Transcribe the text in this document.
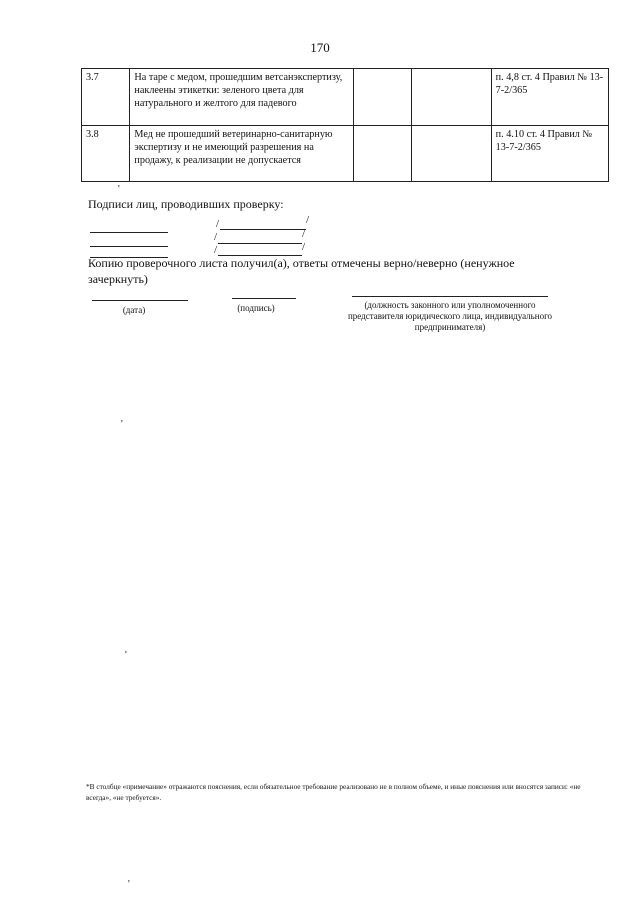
170
3.7	На таре с медом, прошедшим ветсанэкспертизу, наклеены этикетки: зеленого цвета для натурального и желтого для падевого			п. 4,8 ст. 4 Правил № 13-7-2/365
3.8	Мед не прошедший ветеринарно-санитарную экспертизу и не имеющий разрешения на продажу, к реализации не допускается			п. 4.10 ст. 4 Правил № 13-7-2/365
'
Подписи лиц, проводивших проверку:
/	/
/	/
/	/
Копию проверочного листа получил(а), ответы отмечены верно/неверно (ненужное зачеркнуть)
(дата)	(подпись)	(должность законного или уполномоченного представителя юридического лица, индивидуального предпринимателя)
'
'
*В столбце «примечание» отражаются пояснения, если обязательное требование реализовано не в полном объеме, и иные пояснения или вносятся записи: «не всегда», «не требуется».
'
